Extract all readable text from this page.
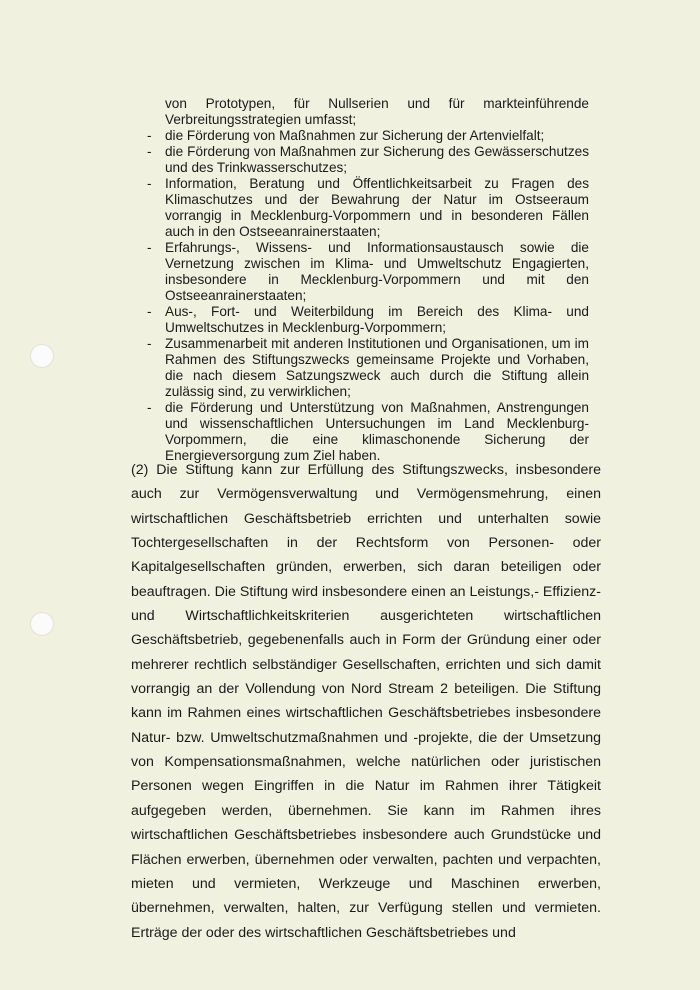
von Prototypen, für Nullserien und für markteinführende Verbreitungsstrategien umfasst;
- die Förderung von Maßnahmen zur Sicherung der Artenvielfalt;
- die Förderung von Maßnahmen zur Sicherung des Gewässerschutzes und des Trinkwasserschutzes;
- Information, Beratung und Öffentlichkeitsarbeit zu Fragen des Klimaschutzes und der Bewahrung der Natur im Ostseeraum vorrangig in Mecklenburg-Vorpommern und in besonderen Fällen auch in den Ostseeanrainerstaaten;
- Erfahrungs-, Wissens- und Informationsaustausch sowie die Vernetzung zwischen im Klima- und Umweltschutz Engagierten, insbesondere in Mecklenburg-Vorpommern und mit den Ostseeanrainerstaaten;
- Aus-, Fort- und Weiterbildung im Bereich des Klima- und Umweltschutzes in Mecklenburg-Vorpommern;
- Zusammenarbeit mit anderen Institutionen und Organisationen, um im Rahmen des Stiftungszwecks gemeinsame Projekte und Vorhaben, die nach diesem Satzungszweck auch durch die Stiftung allein zulässig sind, zu verwirklichen;
- die Förderung und Unterstützung von Maßnahmen, Anstrengungen und wissenschaftlichen Untersuchungen im Land Mecklenburg-Vorpommern, die eine klimaschonende Sicherung der Energieversorgung zum Ziel haben.

(2) Die Stiftung kann zur Erfüllung des Stiftungszwecks, insbesondere auch zur Vermögensverwaltung und Vermögensmehrung, einen wirtschaftlichen Geschäftsbetrieb errichten und unterhalten sowie Tochtergesellschaften in der Rechtsform von Personen- oder Kapitalgesellschaften gründen, erwerben, sich daran beteiligen oder beauftragen. Die Stiftung wird insbesondere einen an Leistungs,- Effizienz- und Wirtschaftlichkeitskriterien ausgerichteten wirtschaftlichen Geschäftsbetrieb, gegebenenfalls auch in Form der Gründung einer oder mehrerer rechtlich selbständiger Gesellschaften, errichten und sich damit vorrangig an der Vollendung von Nord Stream 2 beteiligen. Die Stiftung kann im Rahmen eines wirtschaftlichen Geschäftsbetriebes insbesondere Natur- bzw. Umweltschutzmaßnahmen und -projekte, die der Umsetzung von Kompensationsmaßnahmen, welche natürlichen oder juristischen Personen wegen Eingriffen in die Natur im Rahmen ihrer Tätigkeit aufgegeben werden, übernehmen. Sie kann im Rahmen ihres wirtschaftlichen Geschäftsbetriebes insbesondere auch Grundstücke und Flächen erwerben, übernehmen oder verwalten, pachten und verpachten, mieten und vermieten, Werkzeuge und Maschinen erwerben, übernehmen, verwalten, halten, zur Verfügung stellen und vermieten. Erträge der oder des wirtschaftlichen Geschäftsbetriebes und
